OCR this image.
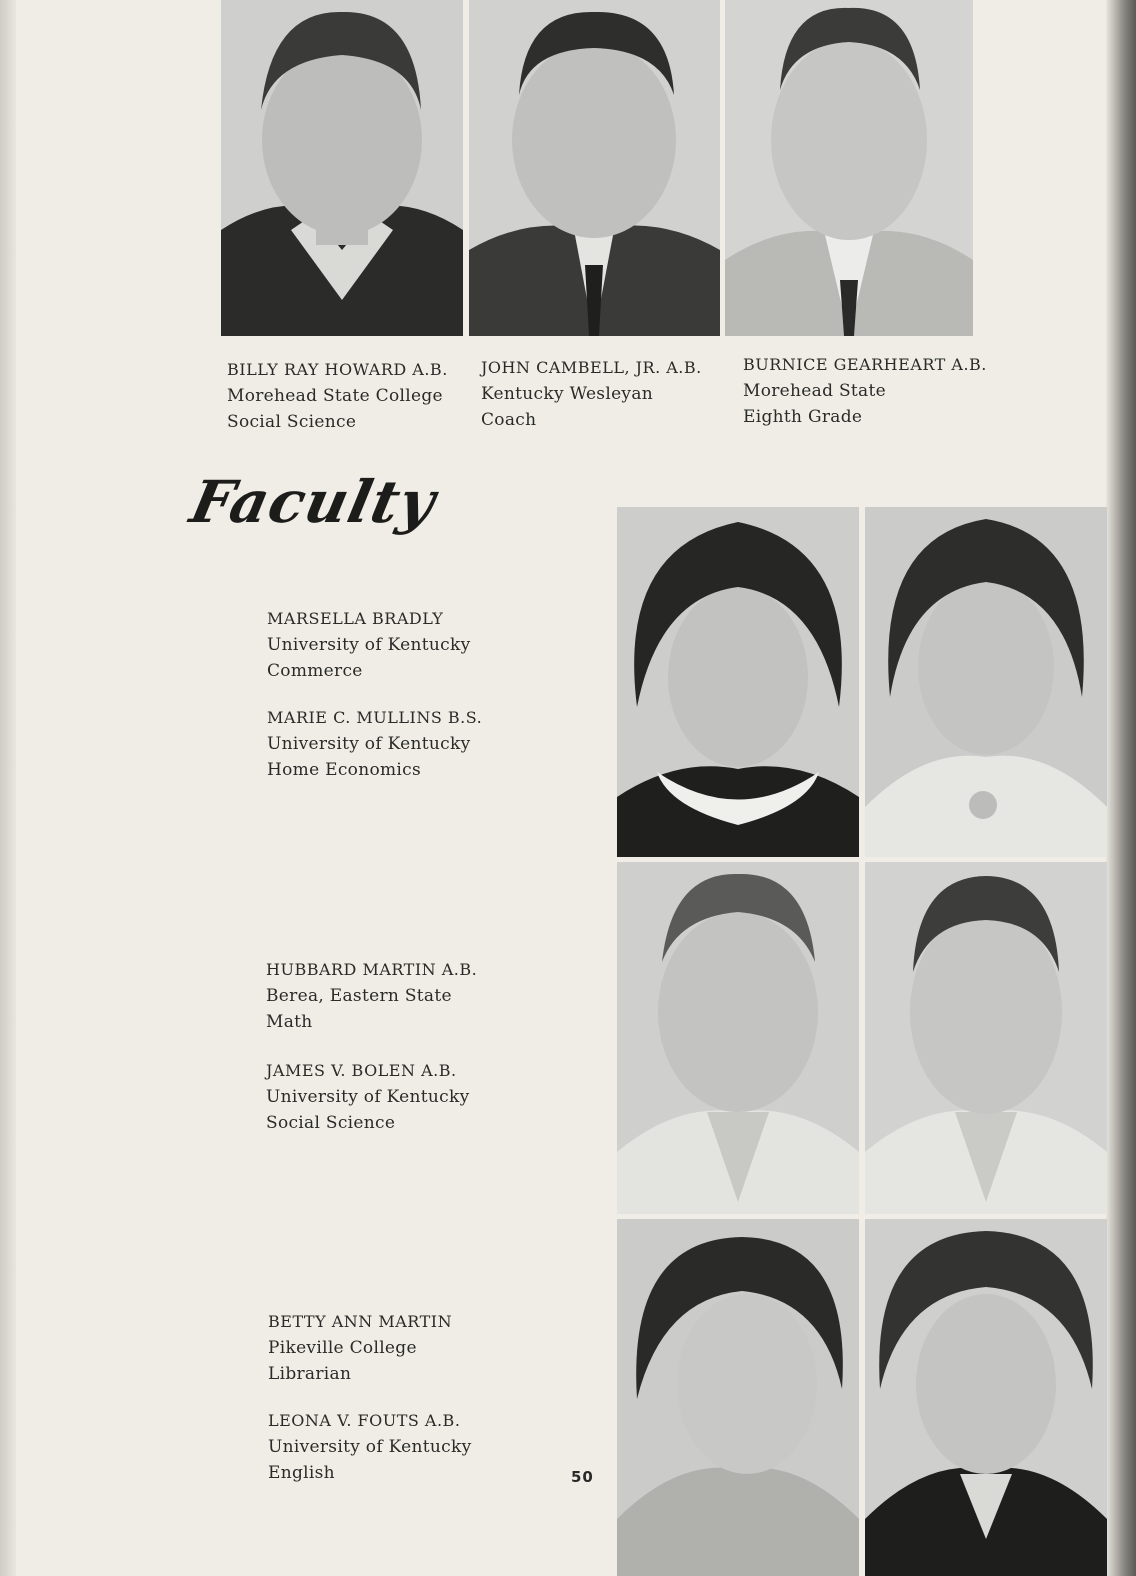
BILLY RAY HOWARD A.B.
Morehead State College
Social Science
JOHN CAMBELL, JR. A.B.
Kentucky Wesleyan
Coach
BURNICE GEARHEART A.B.
Morehead State
Eighth Grade
Faculty
MARSELLA BRADLY
University of Kentucky
Commerce
MARIE C. MULLINS B.S.
University of Kentucky
Home Economics
HUBBARD MARTIN A.B.
Berea, Eastern State
Math
JAMES V. BOLEN A.B.
University of Kentucky
Social Science
BETTY ANN MARTIN
Pikeville College
Librarian
LEONA V. FOUTS A.B.
University of Kentucky
English	50
